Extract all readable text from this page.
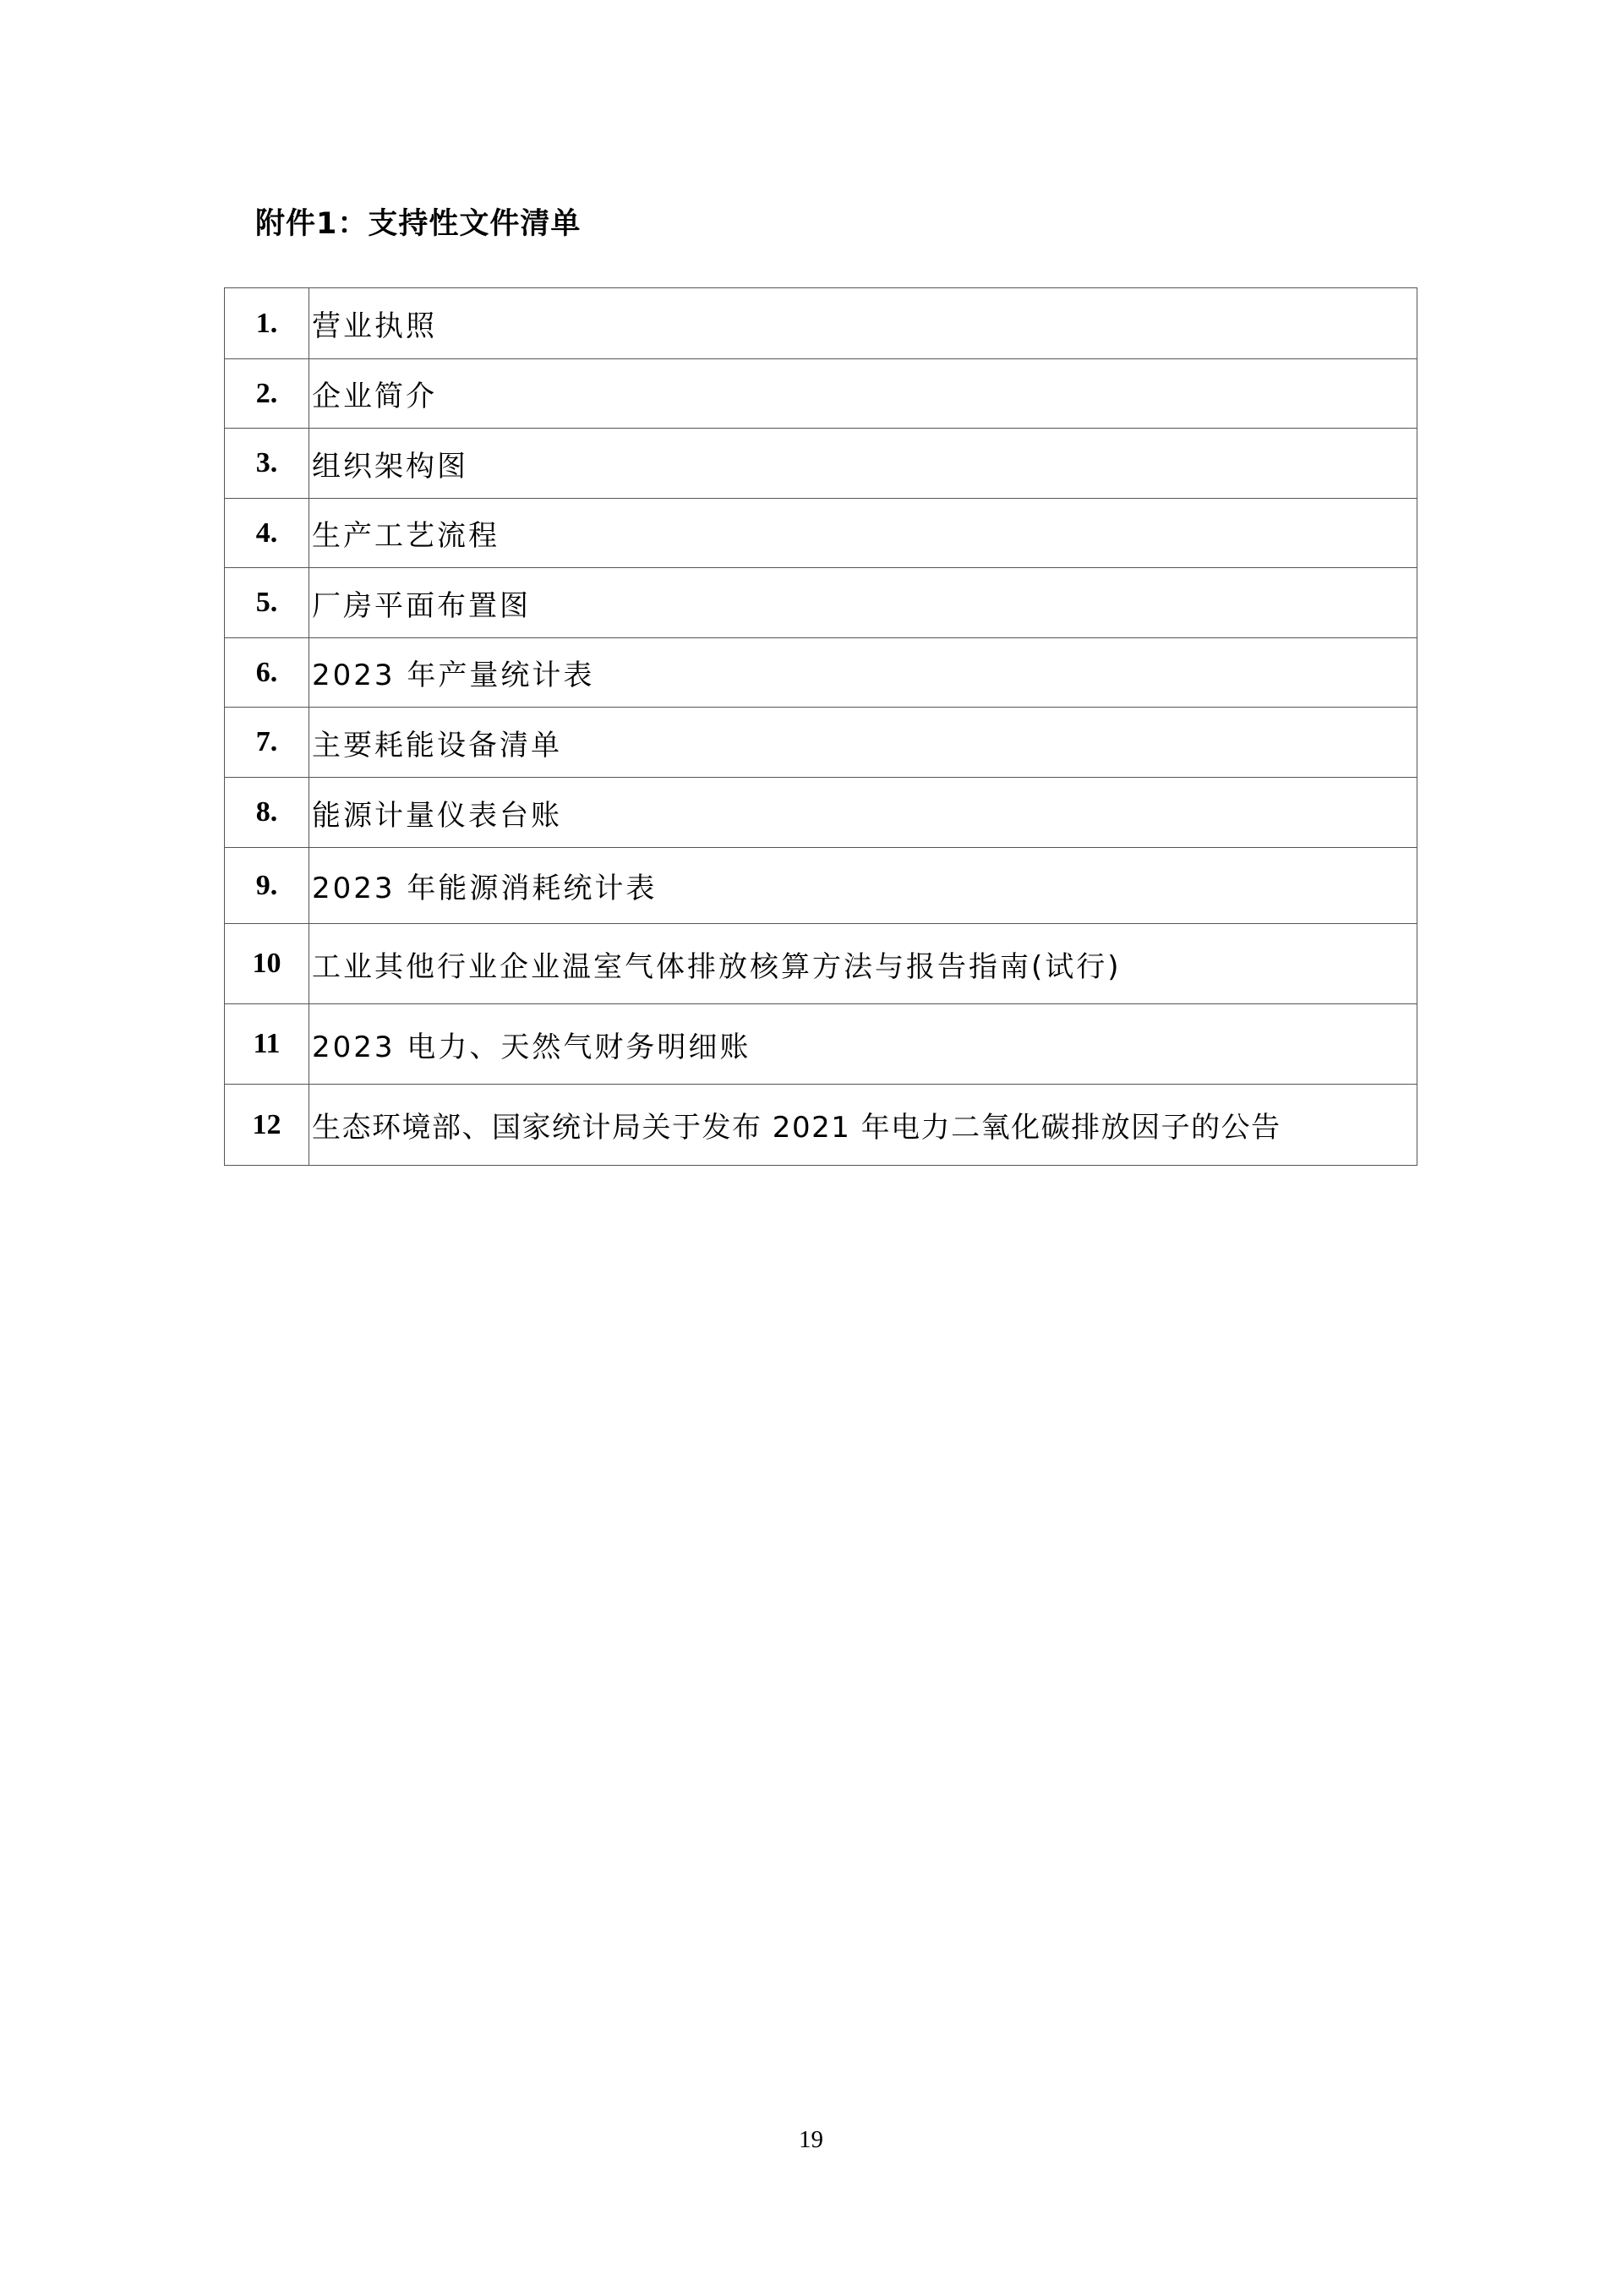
附件1：支持性文件清单
1.	营业执照
2.	企业简介
3.	组织架构图
4.	生产工艺流程
5.	厂房平面布置图
6.	2023 年产量统计表
7.	主要耗能设备清单
8.	能源计量仪表台账
9.	2023 年能源消耗统计表
10	工业其他行业企业温室气体排放核算方法与报告指南(试行)
11	2023 电力、天然气财务明细账
12	生态环境部、国家统计局关于发布 2021 年电力二氧化碳排放因子的公告
19
